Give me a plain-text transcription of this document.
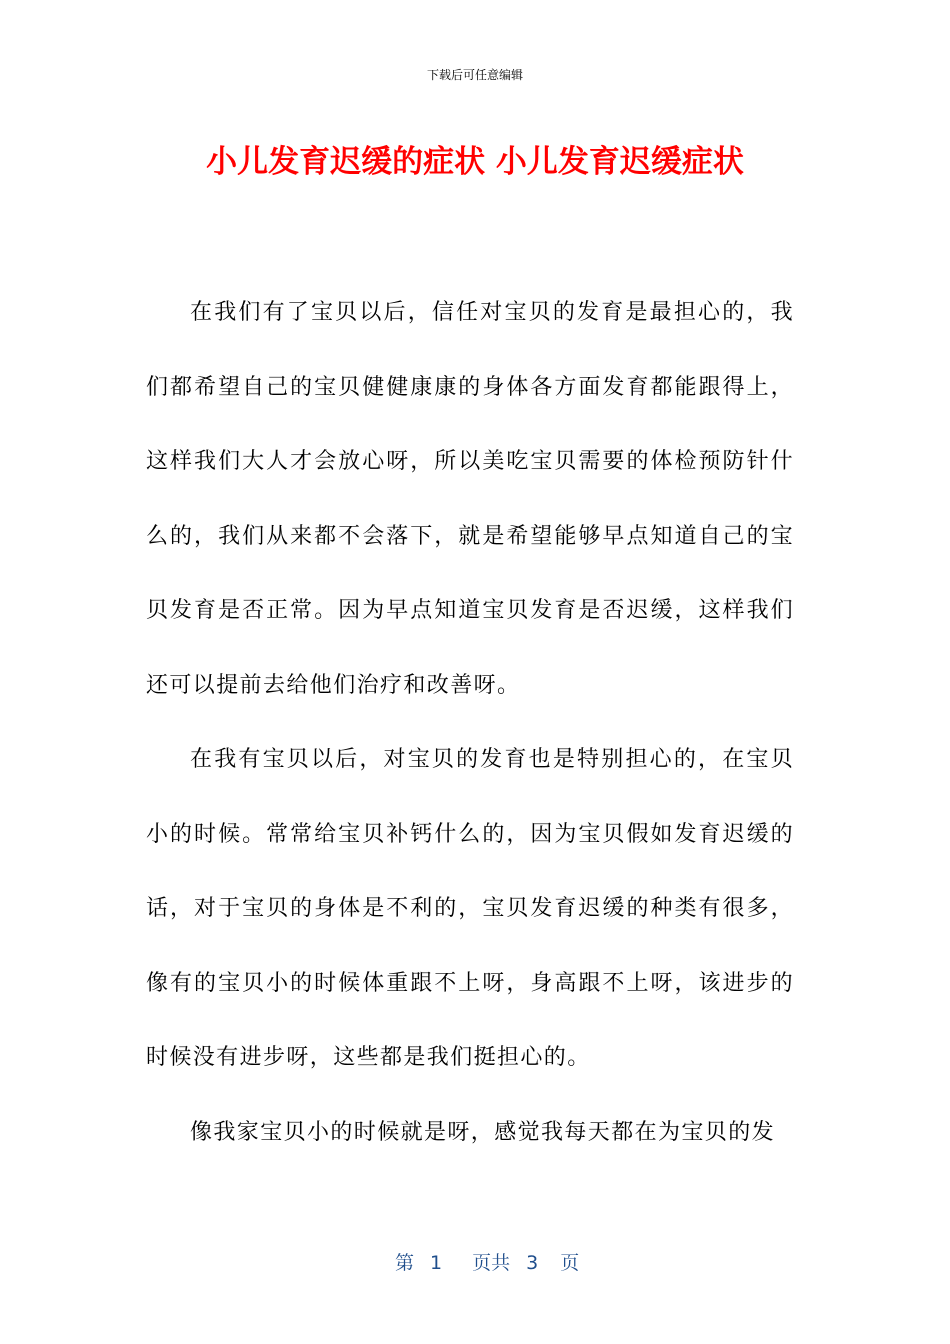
下载后可任意编辑
小儿发育迟缓的症状 小儿发育迟缓症状

在我们有了宝贝以后，信任对宝贝的发育是最担心的，我们都希望自己的宝贝健健康康的身体各方面发育都能跟得上，这样我们大人才会放心呀，所以美吃宝贝需要的体检预防针什么的，我们从来都不会落下，就是希望能够早点知道自己的宝贝发育是否正常。因为早点知道宝贝发育是否迟缓，这样我们还可以提前去给他们治疗和改善呀。

在我有宝贝以后，对宝贝的发育也是特别担心的，在宝贝小的时候。常常给宝贝补钙什么的，因为宝贝假如发育迟缓的话，对于宝贝的身体是不利的，宝贝发育迟缓的种类有很多，像有的宝贝小的时候体重跟不上呀，身高跟不上呀，该进步的时候没有进步呀，这些都是我们挺担心的。

像我家宝贝小的时候就是呀，感觉我每天都在为宝贝的发

第 1 页共 3 页
